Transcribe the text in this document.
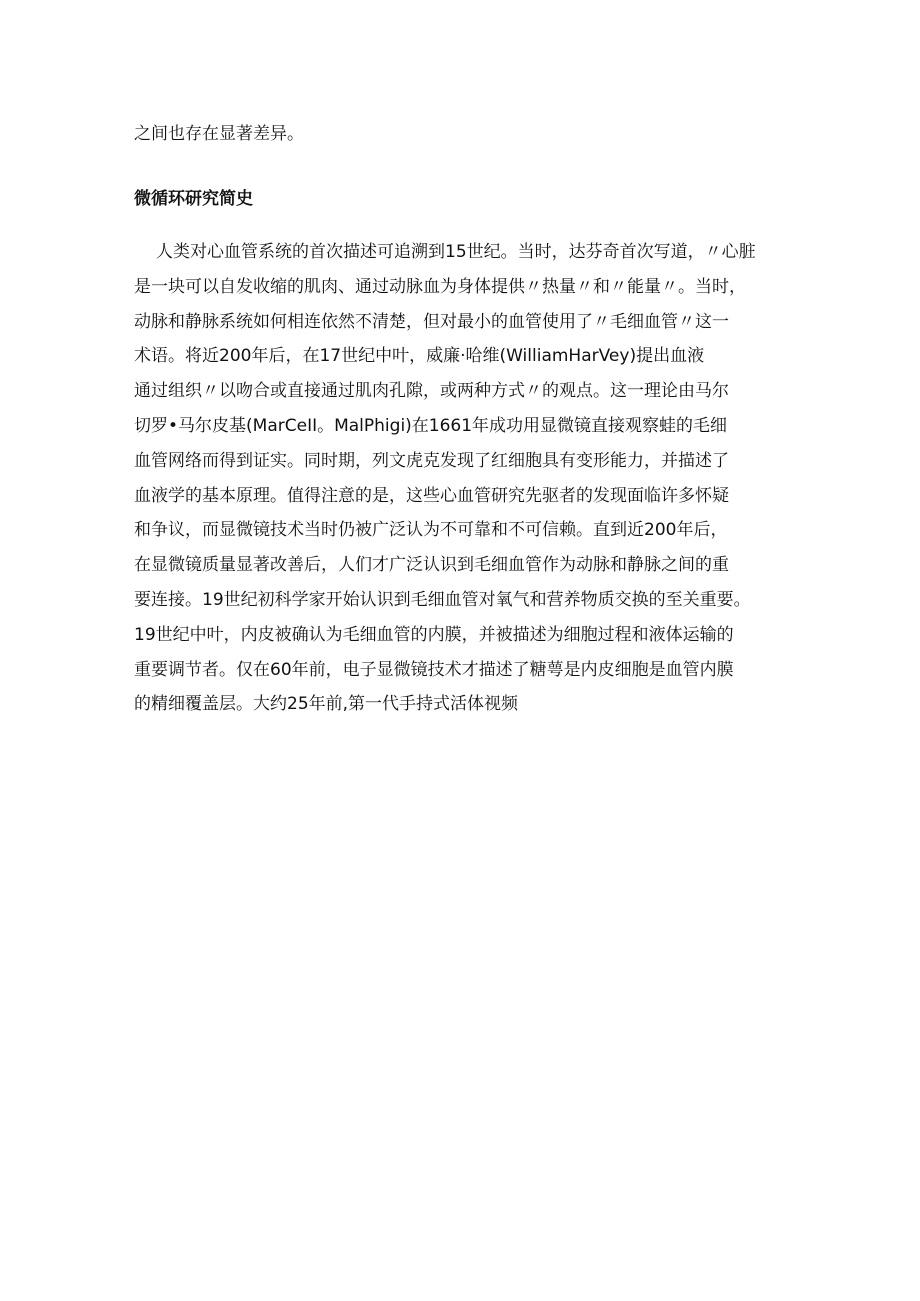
之间也存在显著差异。

微循环研究简史
人类对心血管系统的首次描述可追溯到15世纪。当时，达芬奇首次写道，〃心脏
是一块可以自发收缩的肌肉、通过动脉血为身体提供〃热量〃和〃能量〃。当时，
动脉和静脉系统如何相连依然不清楚，但对最小的血管使用了〃毛细血管〃这一
术语。将近200年后，在17世纪中叶，威廉·哈维(WilliamHarVey)提出血液
通过组织〃以吻合或直接通过肌肉孔隙，或两种方式〃的观点。这一理论由马尔
切罗•马尔皮基(MarCeII。MalPhigi)在1661年成功用显微镜直接观察蛙的毛细
血管网络而得到证实。同时期，列文虎克发现了红细胞具有变形能力，并描述了
血液学的基本原理。值得注意的是，这些心血管研究先驱者的发现面临许多怀疑
和争议，而显微镜技术当时仍被广泛认为不可靠和不可信赖。直到近200年后，
在显微镜质量显著改善后，人们才广泛认识到毛细血管作为动脉和静脉之间的重
要连接。19世纪初科学家开始认识到毛细血管对氧气和营养物质交换的至关重要。
19世纪中叶，内皮被确认为毛细血管的内膜，并被描述为细胞过程和液体运输的
重要调节者。仅在60年前，电子显微镜技术才描述了糖萼是内皮细胞是血管内膜
的精细覆盖层。大约25年前,第一代手持式活体视频
